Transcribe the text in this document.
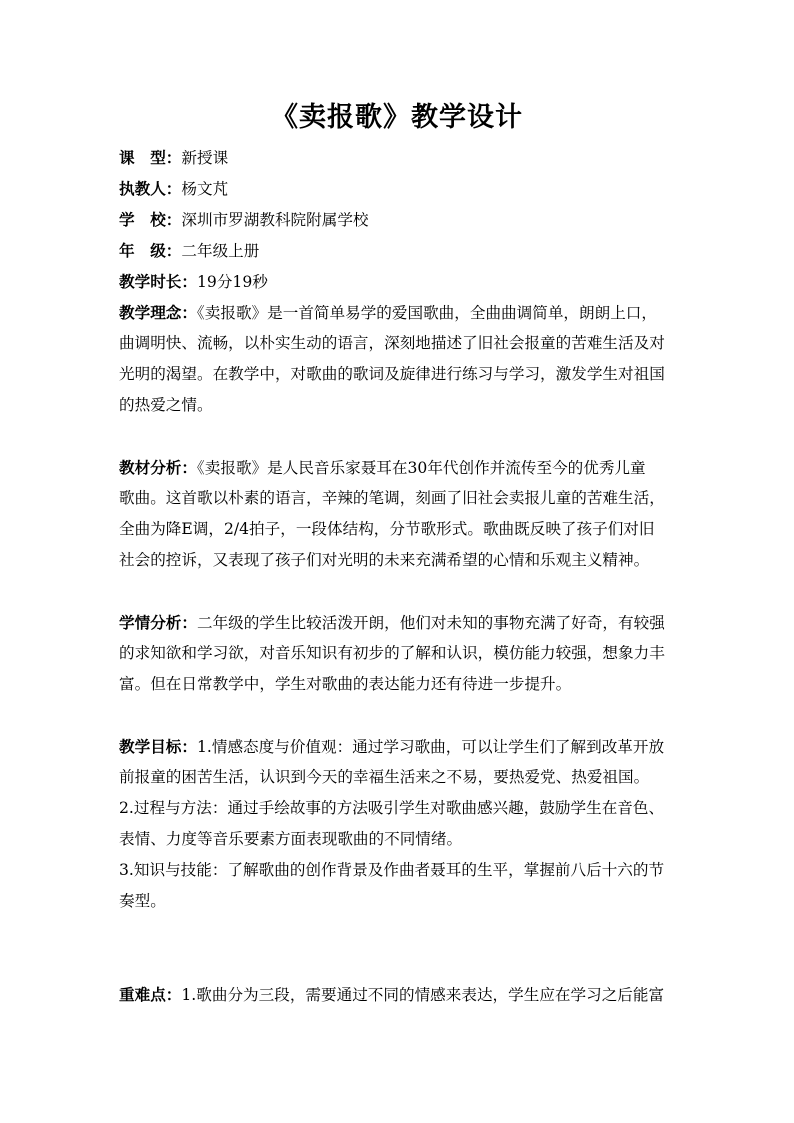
《卖报歌》教学设计
课　型：新授课
执教人：杨文芃
学　校：深圳市罗湖教科院附属学校
年　级：二年级上册
教学时长：19分19秒
教学理念：《卖报歌》是一首简单易学的爱国歌曲，全曲曲调简单，朗朗上口，
曲调明快、流畅，以朴实生动的语言，深刻地描述了旧社会报童的苦难生活及对
光明的渴望。在教学中，对歌曲的歌词及旋律进行练习与学习，激发学生对祖国
的热爱之情。
教材分析：《卖报歌》是人民音乐家聂耳在30年代创作并流传至今的优秀儿童
歌曲。这首歌以朴素的语言，辛辣的笔调，刻画了旧社会卖报儿童的苦难生活，
全曲为降E调，2/4拍子，一段体结构，分节歌形式。歌曲既反映了孩子们对旧
社会的控诉，又表现了孩子们对光明的未来充满希望的心情和乐观主义精神。
学情分析：二年级的学生比较活泼开朗，他们对未知的事物充满了好奇，有较强
的求知欲和学习欲，对音乐知识有初步的了解和认识，模仿能力较强，想象力丰
富。但在日常教学中，学生对歌曲的表达能力还有待进一步提升。
教学目标：1.情感态度与价值观：通过学习歌曲，可以让学生们了解到改革开放
前报童的困苦生活，认识到今天的幸福生活来之不易，要热爱党、热爱祖国。
2.过程与方法：通过手绘故事的方法吸引学生对歌曲感兴趣，鼓励学生在音色、
表情、力度等音乐要素方面表现歌曲的不同情绪。
3.知识与技能：了解歌曲的创作背景及作曲者聂耳的生平，掌握前八后十六的节
奏型。
重难点：1.歌曲分为三段，需要通过不同的情感来表达，学生应在学习之后能富
